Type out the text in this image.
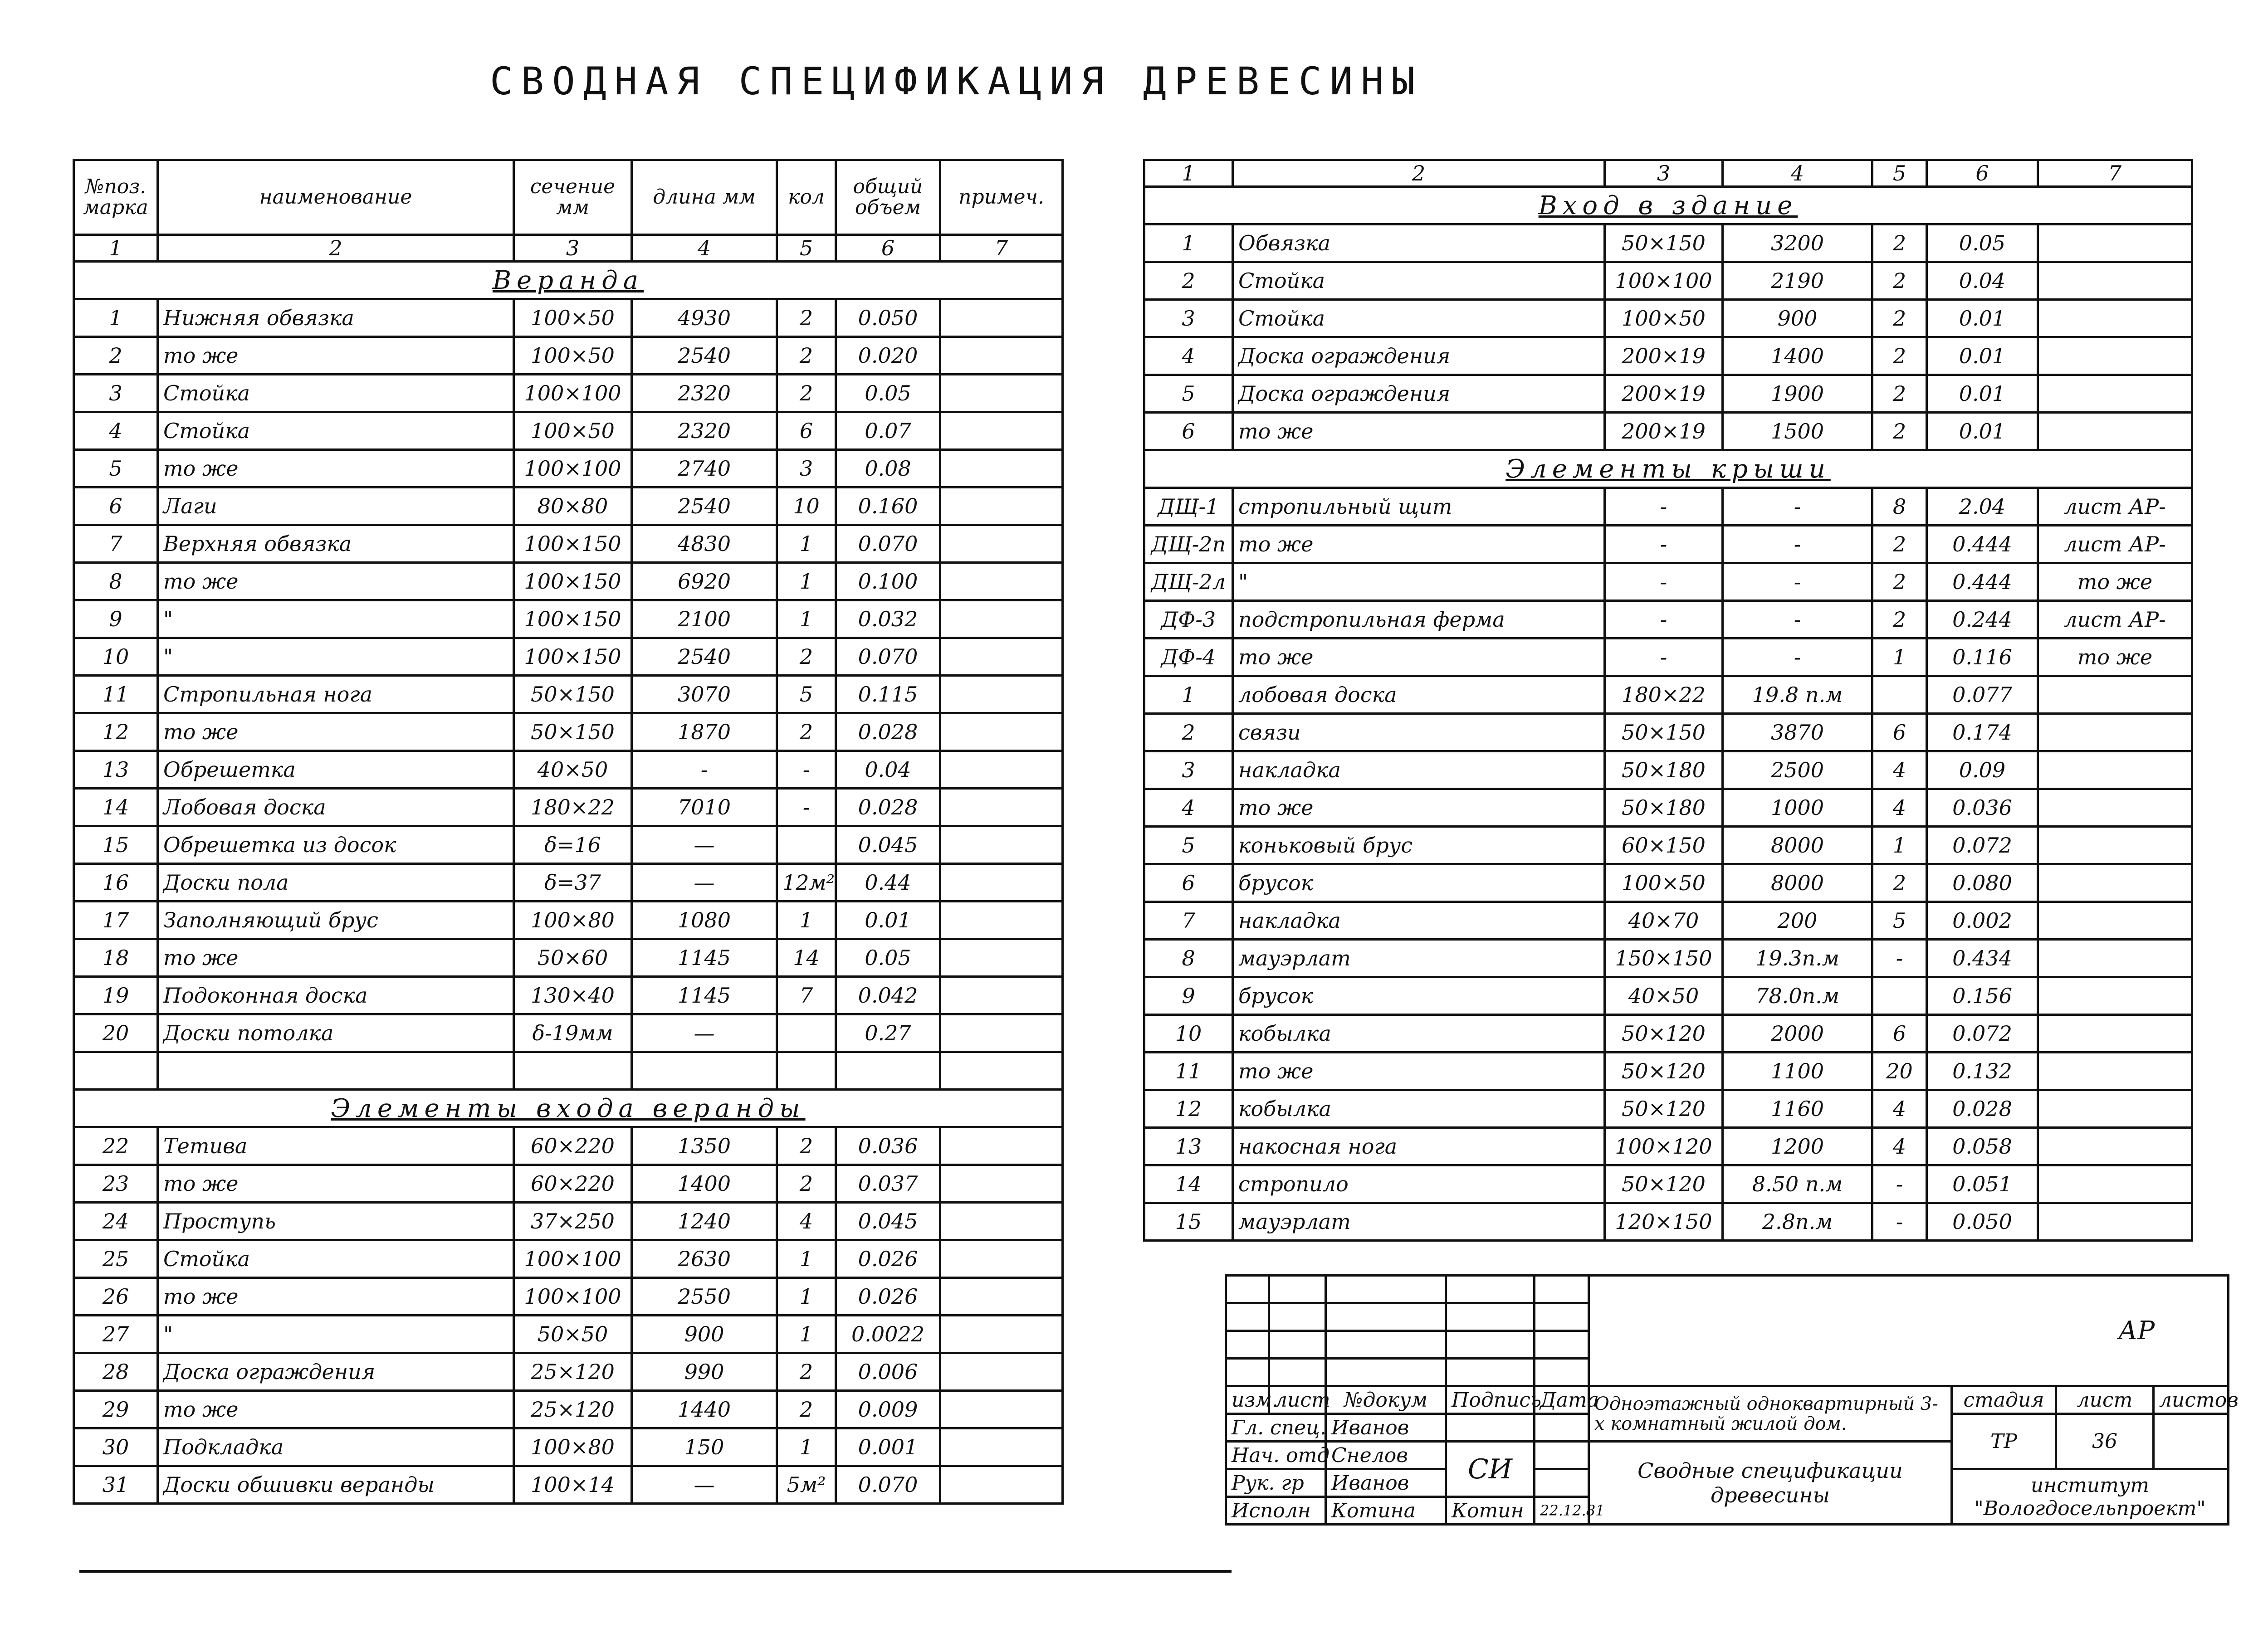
СВОДНАЯ СПЕЦИФИКАЦИЯ ДРЕВЕСИНЫ
№поз. марка	наименование	сечение мм	длина мм	кол	общий объем	примеч.
1	2	3	4	5	6	7
Веранда						
1	Нижняя обвязка	100×50	4930	2	0.050	
2	то же	100×50	2540	2	0.020	
3	Стойка	100×100	2320	2	0.05	
4	Стойка	100×50	2320	6	0.07	
5	то же	100×100	2740	3	0.08	
6	Лаги	80×80	2540	10	0.160	
7	Верхняя обвязка	100×150	4830	1	0.070	
8	то же	100×150	6920	1	0.100	
9	"	100×150	2100	1	0.032	
10	"	100×150	2540	2	0.070	
11	Стропильная нога	50×150	3070	5	0.115	
12	то же	50×150	1870	2	0.028	
13	Обрешетка	40×50	-	-	0.04	
14	Лобовая доска	180×22	7010	-	0.028	
15	Обрешетка из досок	δ=16	—		0.045	
16	Доски пола	δ=37	—	12м²	0.44	
17	Заполняющий брус	100×80	1080	1	0.01	
18	то же	50×60	1145	14	0.05	
19	Подоконная доска	130×40	1145	7	0.042	
20	Доски потолка	δ-19мм	—		0.27	

Элементы входа веранды						
22	Тетива	60×220	1350	2	0.036	
23	то же	60×220	1400	2	0.037	
24	Проступь	37×250	1240	4	0.045	
25	Стойка	100×100	2630	1	0.026	
26	то же	100×100	2550	1	0.026	
27	"	50×50	900	1	0.0022	
28	Доска ограждения	25×120	990	2	0.006	
29	то же	25×120	1440	2	0.009	
30	Подкладка	100×80	150	1	0.001	
31	Доски обшивки веранды	100×14	—	5м²	0.070	
1	2	3	4	5	6	7
Вход в здание						
1	Обвязка	50×150	3200	2	0.05	
2	Стойка	100×100	2190	2	0.04	
3	Стойка	100×50	900	2	0.01	
4	Доска ограждения	200×19	1400	2	0.01	
5	Доска ограждения	200×19	1900	2	0.01	
6	то же	200×19	1500	2	0.01	
Элементы крыши						
ДЩ-1	стропильный щит	-	-	8	2.04	лист АР-
ДЩ-2п	то же	-	-	2	0.444	лист АР-
ДЩ-2л	"	-	-	2	0.444	то же
ДФ-3	подстропильная ферма	-	-	2	0.244	лист АР-
ДФ-4	то же	-	-	1	0.116	то же
1	лобовая доска	180×22	19.8 п.м		0.077	
2	связи	50×150	3870	6	0.174	
3	накладка	50×180	2500	4	0.09	
4	то же	50×180	1000	4	0.036	
5	коньковый брус	60×150	8000	1	0.072	
6	брусок	100×50	8000	2	0.080	
7	накладка	40×70	200	5	0.002	
8	мауэрлат	150×150	19.3п.м	-	0.434	
9	брусок	40×50	78.0п.м		0.156	
10	кобылка	50×120	2000	6	0.072	
11	то же	50×120	1100	20	0.132	
12	кобылка	50×120	1160	4	0.028	
13	накосная нога	100×120	1200	4	0.058	
14	стропило	50×120	8.50 п.м	-	0.051	
15	мауэрлат	120×150	2.8п.м	-	0.050	
					АР			

изм.	лист	№докум	Подпись	Дата	Одноэтажный одноквартирный 3-х комнатный жилой дом.	стадия	лист	листов
Гл. спец.		Иванов				ТР	36	
Нач. отд		Снелов	СИ		Сводные спецификации древесины			
Рук. гр		Иванов				институт "Вологдосельпроект"		
Исполн		Котина	Котин	22.12.81				
